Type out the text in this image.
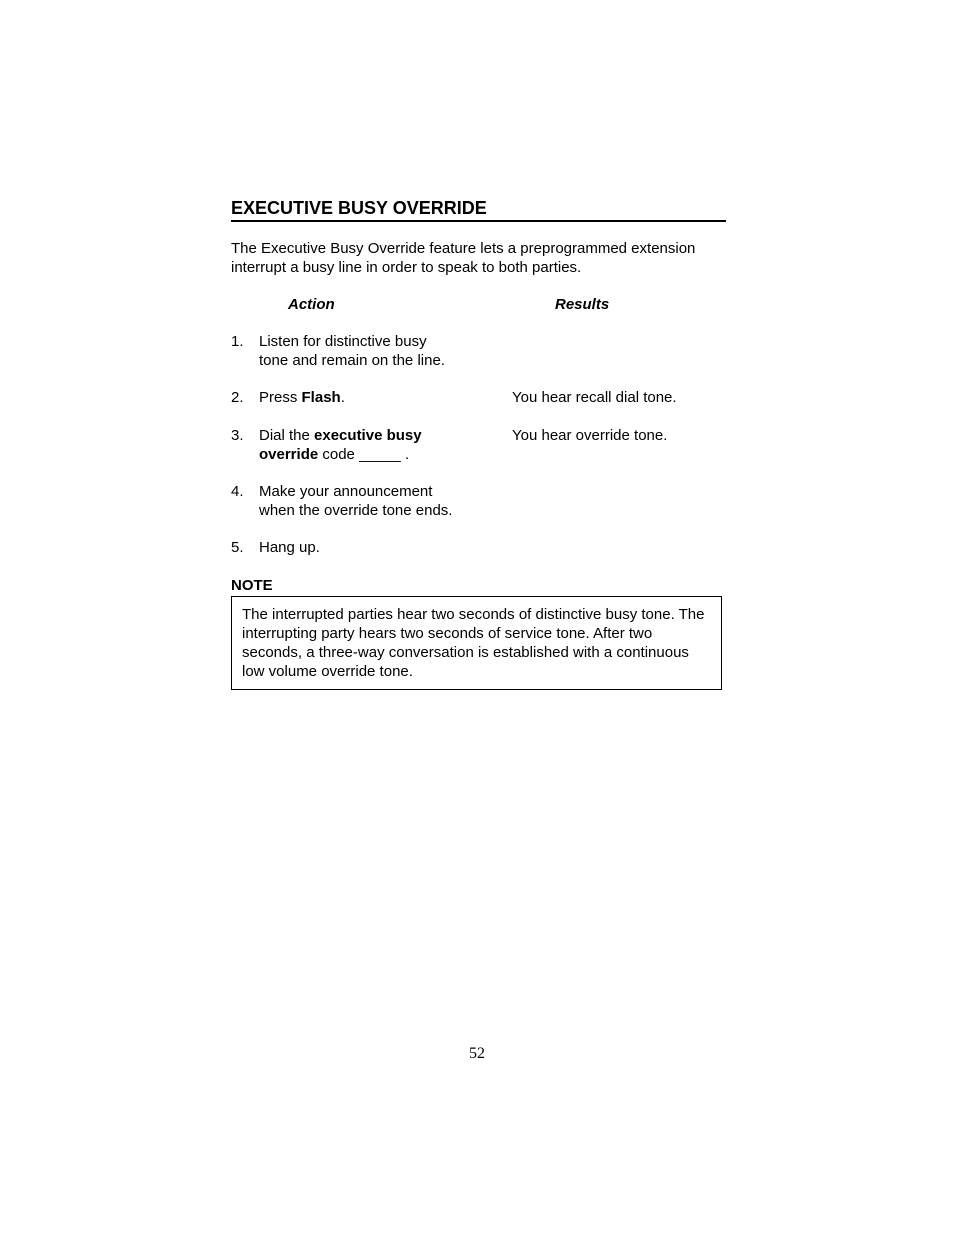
EXECUTIVE BUSY OVERRIDE
The Executive Busy Override feature lets a preprogrammed extension interrupt a busy line in order to speak to both parties.
Action	Results
1. Listen for distinctive busy
tone and remain on the line.
2. Press Flash.	You hear recall dial tone.
3. Dial the executive busy
override code _____ .
You hear override tone.
4. Make your announcement
when the override tone ends.
5. Hang up.
NOTE
The interrupted parties hear two seconds of distinctive busy tone. The interrupting party hears two seconds of service tone. After two seconds, a three-way conversation is established with a continuous low volume override tone.
52
